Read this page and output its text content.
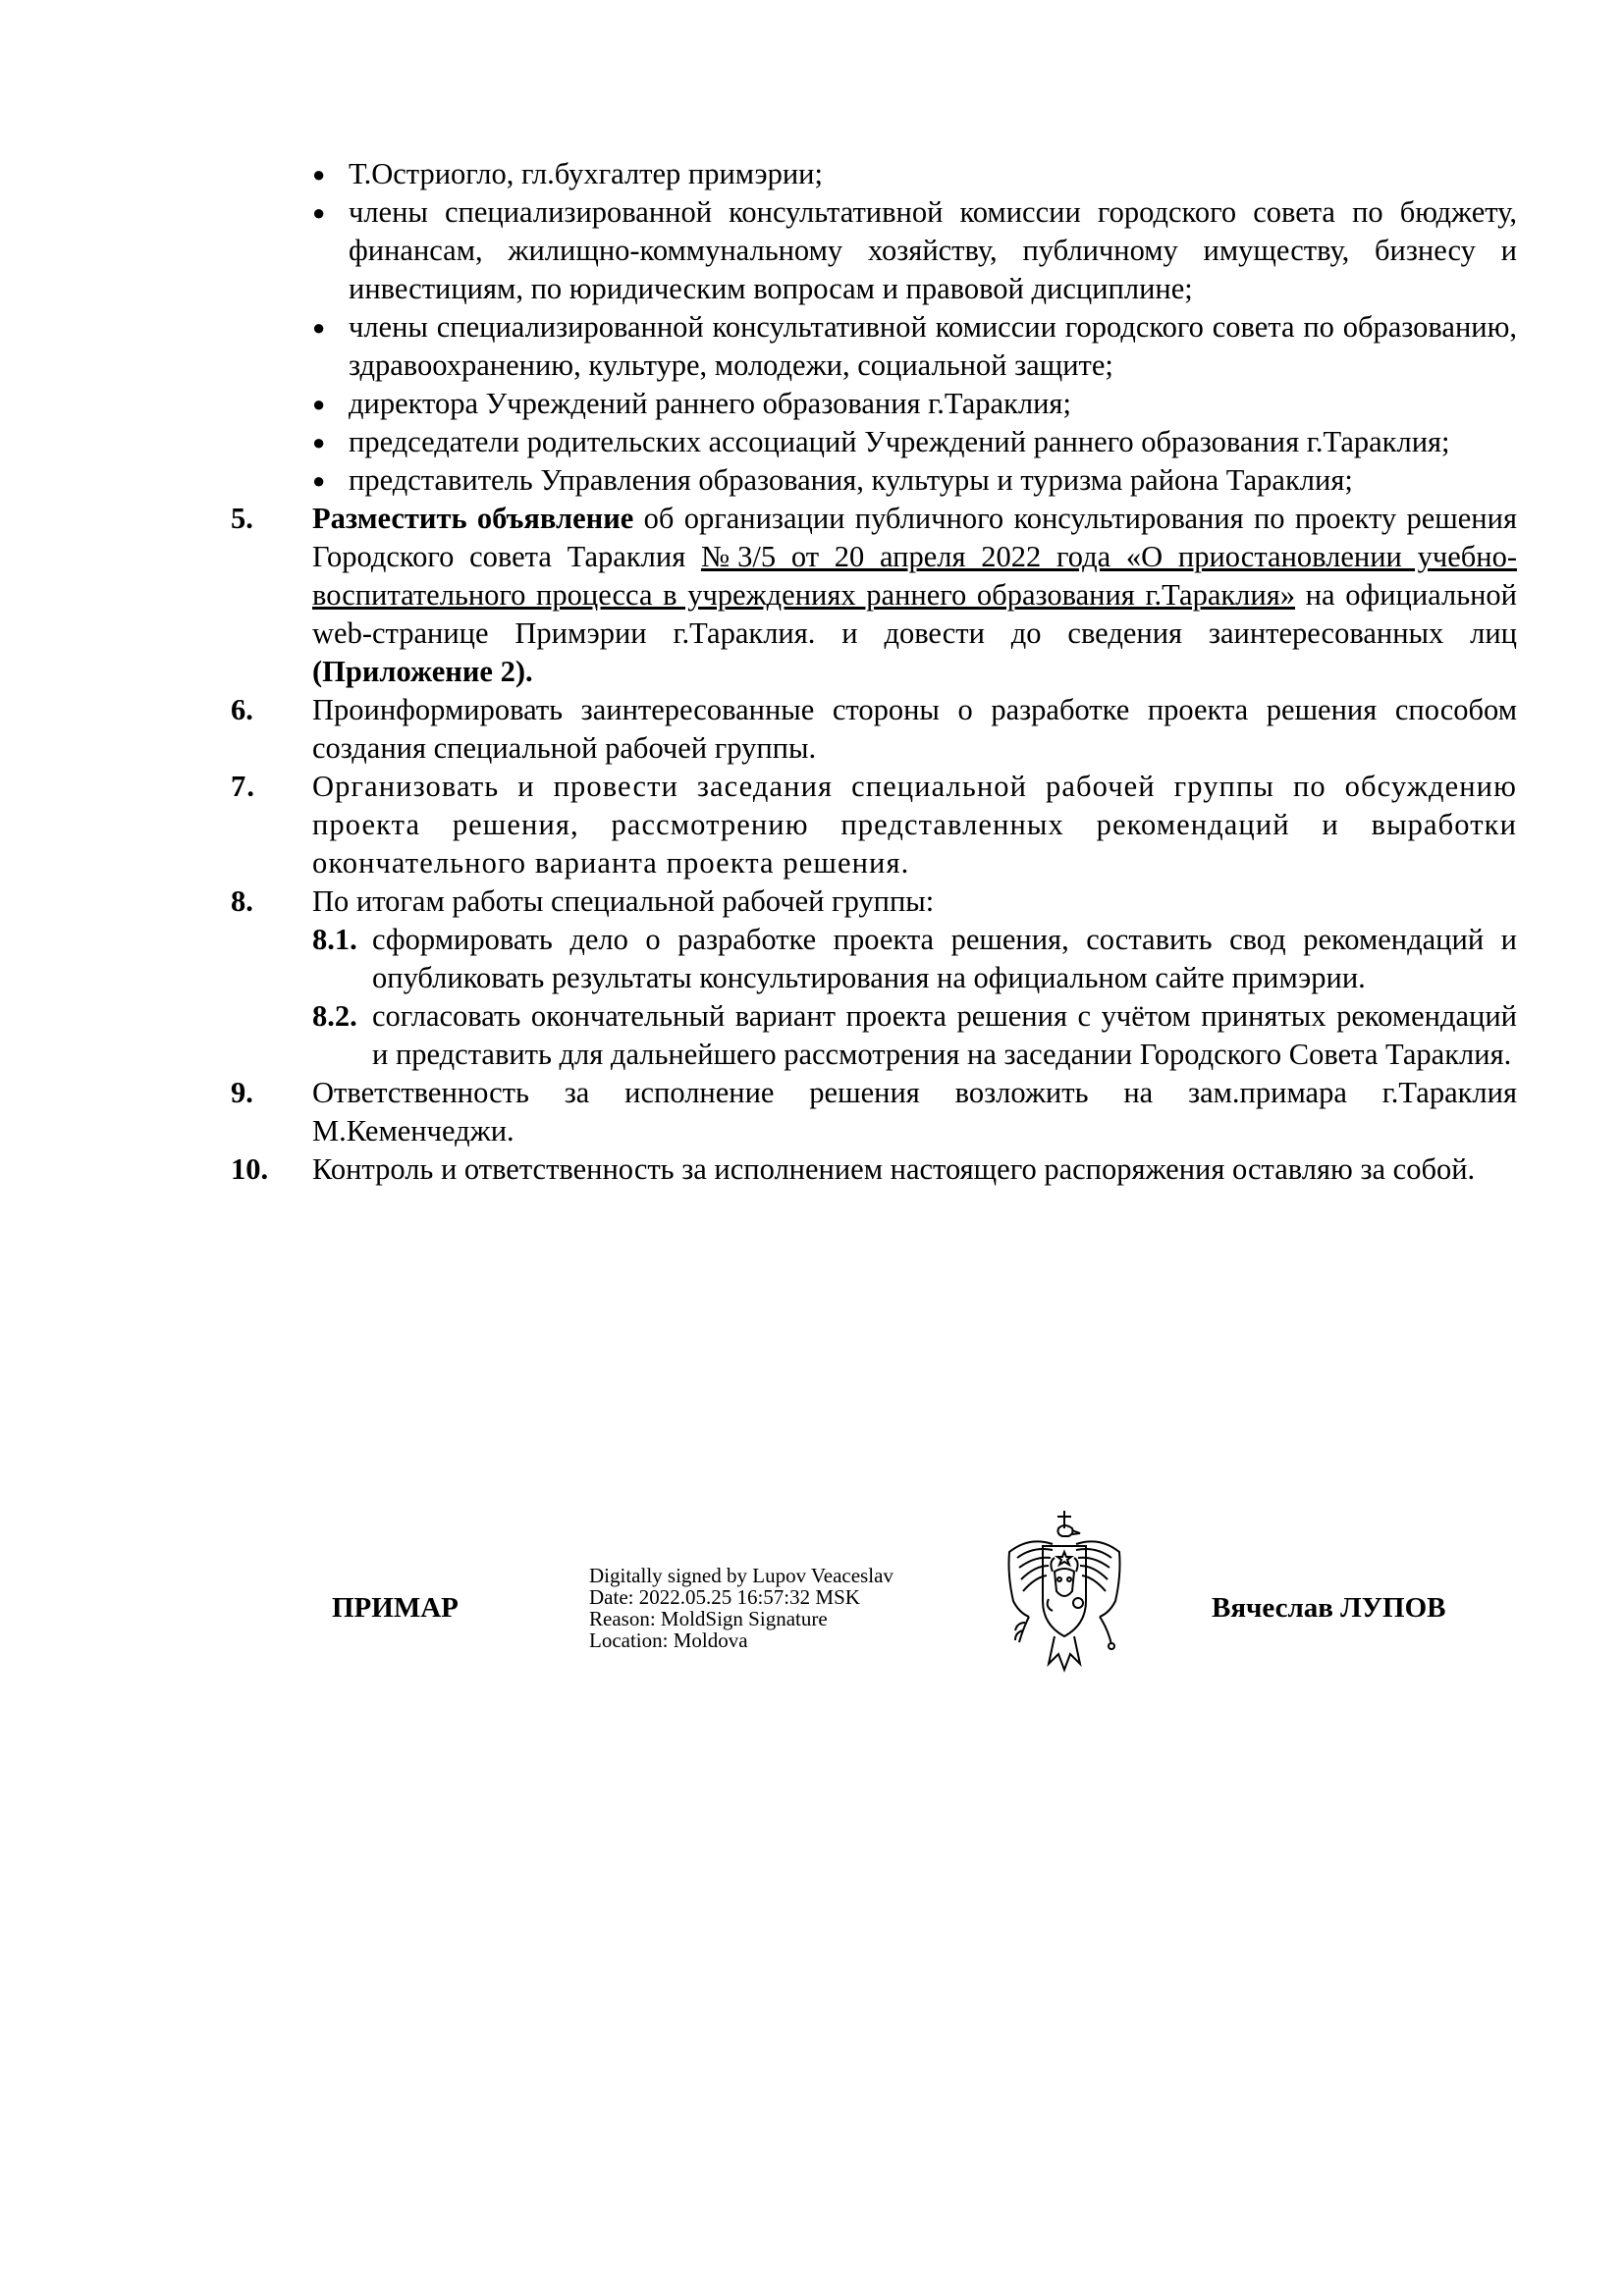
● Т.Остриогло, гл.бухгалтер примэрии;
● члены специализированной консультативной комиссии городского совета по бюджету, финансам, жилищно-коммунальному хозяйству, публичному имуществу, бизнесу и инвестициям, по юридическим вопросам и правовой дисциплине;
● члены специализированной консультативной комиссии городского совета по образованию, здравоохранению, культуре, молодежи, социальной защите;
● директора Учреждений раннего образования г.Тараклия;
● председатели родительских ассоциаций Учреждений раннего образования г.Тараклия;
● представитель Управления образования, культуры и туризма района Тараклия;
5. Разместить объявление об организации публичного консультирования по проекту решения Городского совета Тараклия №3/5 от 20 апреля 2022 года «О приостановлении учебно-воспитательного процесса в учреждениях раннего образования г.Тараклия» на официальной web-странице Примэрии г.Тараклия. и довести до сведения заинтересованных лиц (Приложение 2).
6. Проинформировать заинтересованные стороны о разработке проекта решения способом создания специальной рабочей группы.
7. Организовать и провести заседания специальной рабочей группы по обсуждению проекта решения, рассмотрению представленных рекомендаций и выработки окончательного варианта проекта решения.
8. По итогам работы специальной рабочей группы:
8.1. сформировать дело о разработке проекта решения, составить свод рекомендаций и опубликовать результаты консультирования на официальном сайте примэрии.
8.2. согласовать окончательный вариант проекта решения с учётом принятых рекомендаций и представить для дальнейшего рассмотрения на заседании Городского Совета Тараклия.
9. Ответственность за исполнение решения возложить на зам.примара г.Тараклия М.Кеменчеджи.
10. Контроль и ответственность за исполнением настоящего распоряжения оставляю за собой.
ПРИМАР
Digitally signed by Lupov Veaceslav
Date: 2022.05.25 16:57:32 MSK
Reason: MoldSign Signature
Location: Moldova
Вячеслав ЛУПОВ
